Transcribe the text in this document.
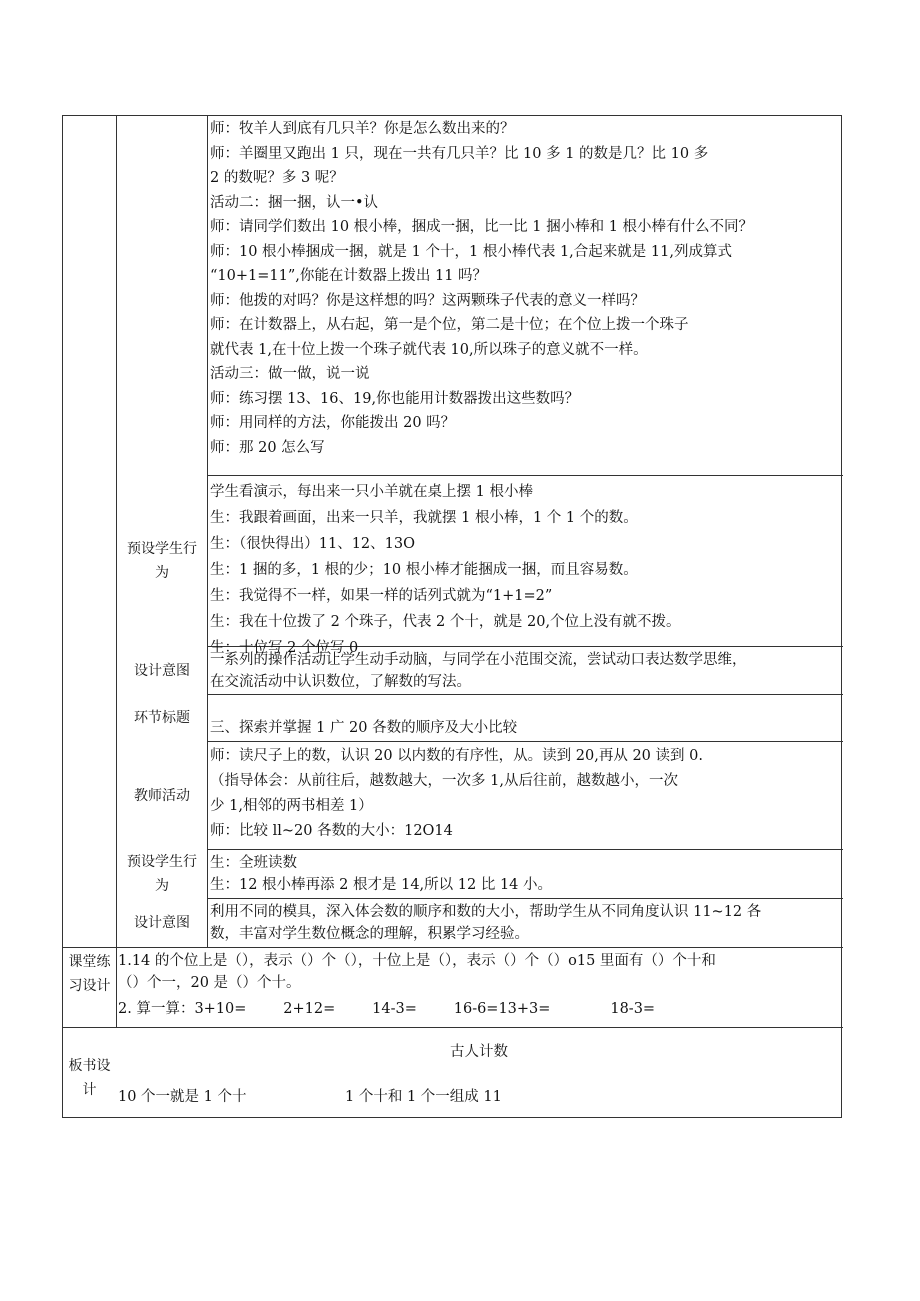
师：牧羊人到底有几只羊？你是怎么数出来的？
师：羊圈里又跑出 1 只，现在一共有几只羊？比 10 多 1 的数是几？比 10 多
2 的数呢？多 3 呢？
活动二：捆一捆，认一•认
师：请同学们数出 10 根小棒，捆成一捆，比一比 1 捆小棒和 1 根小棒有什么不同？
师：10 根小棒捆成一捆，就是 1 个十，1 根小棒代表 1,合起来就是 11,列成算式
“10+1=11”,你能在计数器上拨出 11 吗？
师：他拨的对吗？你是这样想的吗？这两颗珠子代表的意义一样吗？
师：在计数器上，从右起，第一是个位，第二是十位；在个位上拨一个珠子
就代表 1,在十位上拨一个珠子就代表 10,所以珠子的意义就不一样。
活动三：做一做，说一说
师：练习摆 13、16、19,你也能用计数器拨出这些数吗？
师：用同样的方法，你能拨出 20 吗？
师：那 20 怎么写
预设学生行
为
学生看演示，每出来一只小羊就在桌上摆 1 根小棒
生：我跟着画面，出来一只羊，我就摆 1 根小棒，1 个 1 个的数。
生：（很快得出）11、12、13O
生：1 捆的多，1 根的少；10 根小棒才能捆成一捆，而且容易数。
生：我觉得不一样，如果一样的话列式就为“1+1=2”
生：我在十位拨了 2 个珠子，代表 2 个十，就是 20,个位上没有就不拨。
生：十位写 2 个位写 0
设计意图
一系列的操作活动让学生动手动脑，与同学在小范围交流，尝试动口表达数学思维，
在交流活动中认识数位，了解数的写法。
环节标题
三、探索并掌握 1 广 20 各数的顺序及大小比较
教师活动
师：读尺子上的数，认识 20 以内数的有序性，从。读到 20,再从 20 读到 0.
（指导体会：从前往后，越数越大，一次多 1,从后往前，越数越小，一次
少 1,相邻的两书相差 1）
师：比较 ll~20 各数的大小：12O14
预设学生行
为
生：全班读数
生：12 根小棒再添 2 根才是 14,所以 12 比 14 小。
设计意图
利用不同的模具，深入体会数的顺序和数的大小，帮助学生从不同角度认识 11~12 各
数，丰富对学生数位概念的理解，积累学习经验。
课堂练
习设计
1.14 的个位上是（），表示（）个（），十位上是（），表示（）个（）o15 里面有（）个十和
（）个一，20 是（）个十。
2. 算一算：3+10=        2+12=        14-3=        16-6=13+3=             18-3=
板书设
计
古人计数
10 个一就是 1 个十	1 个十和 1 个一组成 11
